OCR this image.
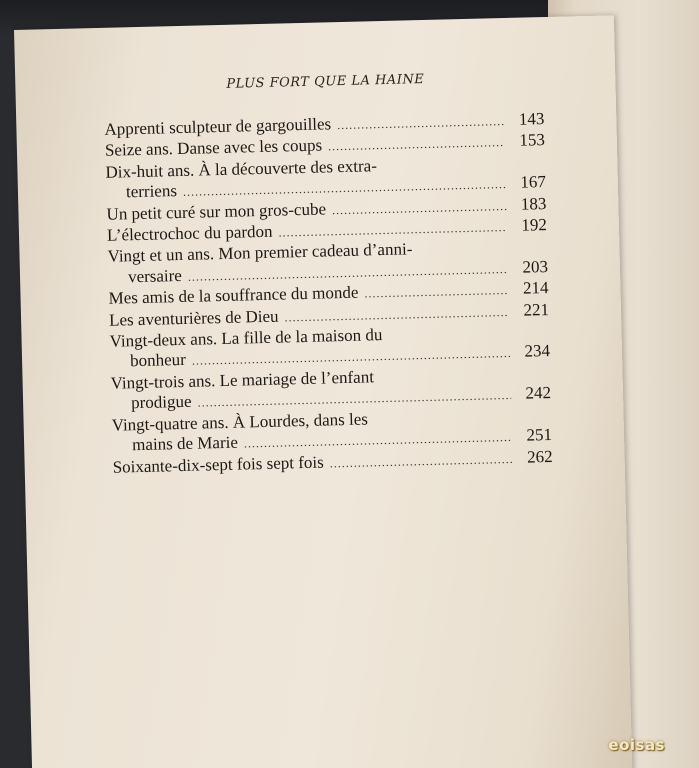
PLUS FORT QUE LA HAINE
Apprenti sculpteur de gargouilles .....	143
Seize ans. Danse avec les coups .....	153
Dix-huit ans. À la découverte des extra-
terriens .....	167
Un petit curé sur mon gros-cube .....	183
L’électrochoc du pardon .....	192
Vingt et un ans. Mon premier cadeau d’anni-
versaire .....	203
Mes amis de la souffrance du monde .....	214
Les aventurières de Dieu .....	221
Vingt-deux ans. La fille de la maison du
bonheur .....	234
Vingt-trois ans. Le mariage de l’enfant
prodigue .....	242
Vingt-quatre ans. À Lourdes, dans les
mains de Marie .....	251
Soixante-dix-sept fois sept fois .....	262
eoisas
